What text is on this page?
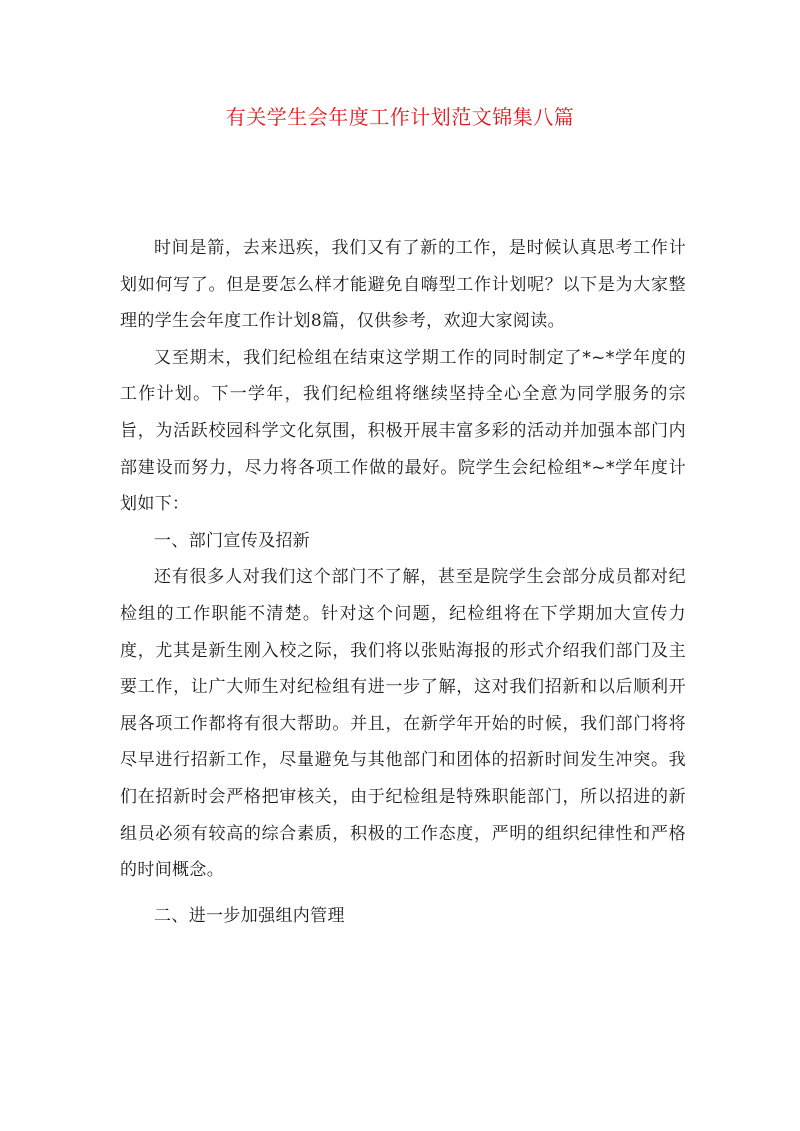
有关学生会年度工作计划范文锦集八篇

时间是箭，去来迅疾，我们又有了新的工作，是时候认真思考工作计划如何写了。但是要怎么样才能避免自嗨型工作计划呢？以下是为大家整理的学生会年度工作计划8篇，仅供参考，欢迎大家阅读。

又至期末，我们纪检组在结束这学期工作的同时制定了*~*学年度的工作计划。下一学年，我们纪检组将继续坚持全心全意为同学服务的宗旨，为活跃校园科学文化氛围，积极开展丰富多彩的活动并加强本部门内部建设而努力，尽力将各项工作做的最好。院学生会纪检组*~*学年度计划如下：

一、部门宣传及招新

还有很多人对我们这个部门不了解，甚至是院学生会部分成员都对纪检组的工作职能不清楚。针对这个问题，纪检组将在下学期加大宣传力度，尤其是新生刚入校之际，我们将以张贴海报的形式介绍我们部门及主要工作，让广大师生对纪检组有进一步了解，这对我们招新和以后顺利开展各项工作都将有很大帮助。并且，在新学年开始的时候，我们部门将将尽早进行招新工作，尽量避免与其他部门和团体的招新时间发生冲突。我们在招新时会严格把审核关，由于纪检组是特殊职能部门，所以招进的新组员必须有较高的综合素质，积极的工作态度，严明的组织纪律性和严格的时间概念。

二、进一步加强组内管理
